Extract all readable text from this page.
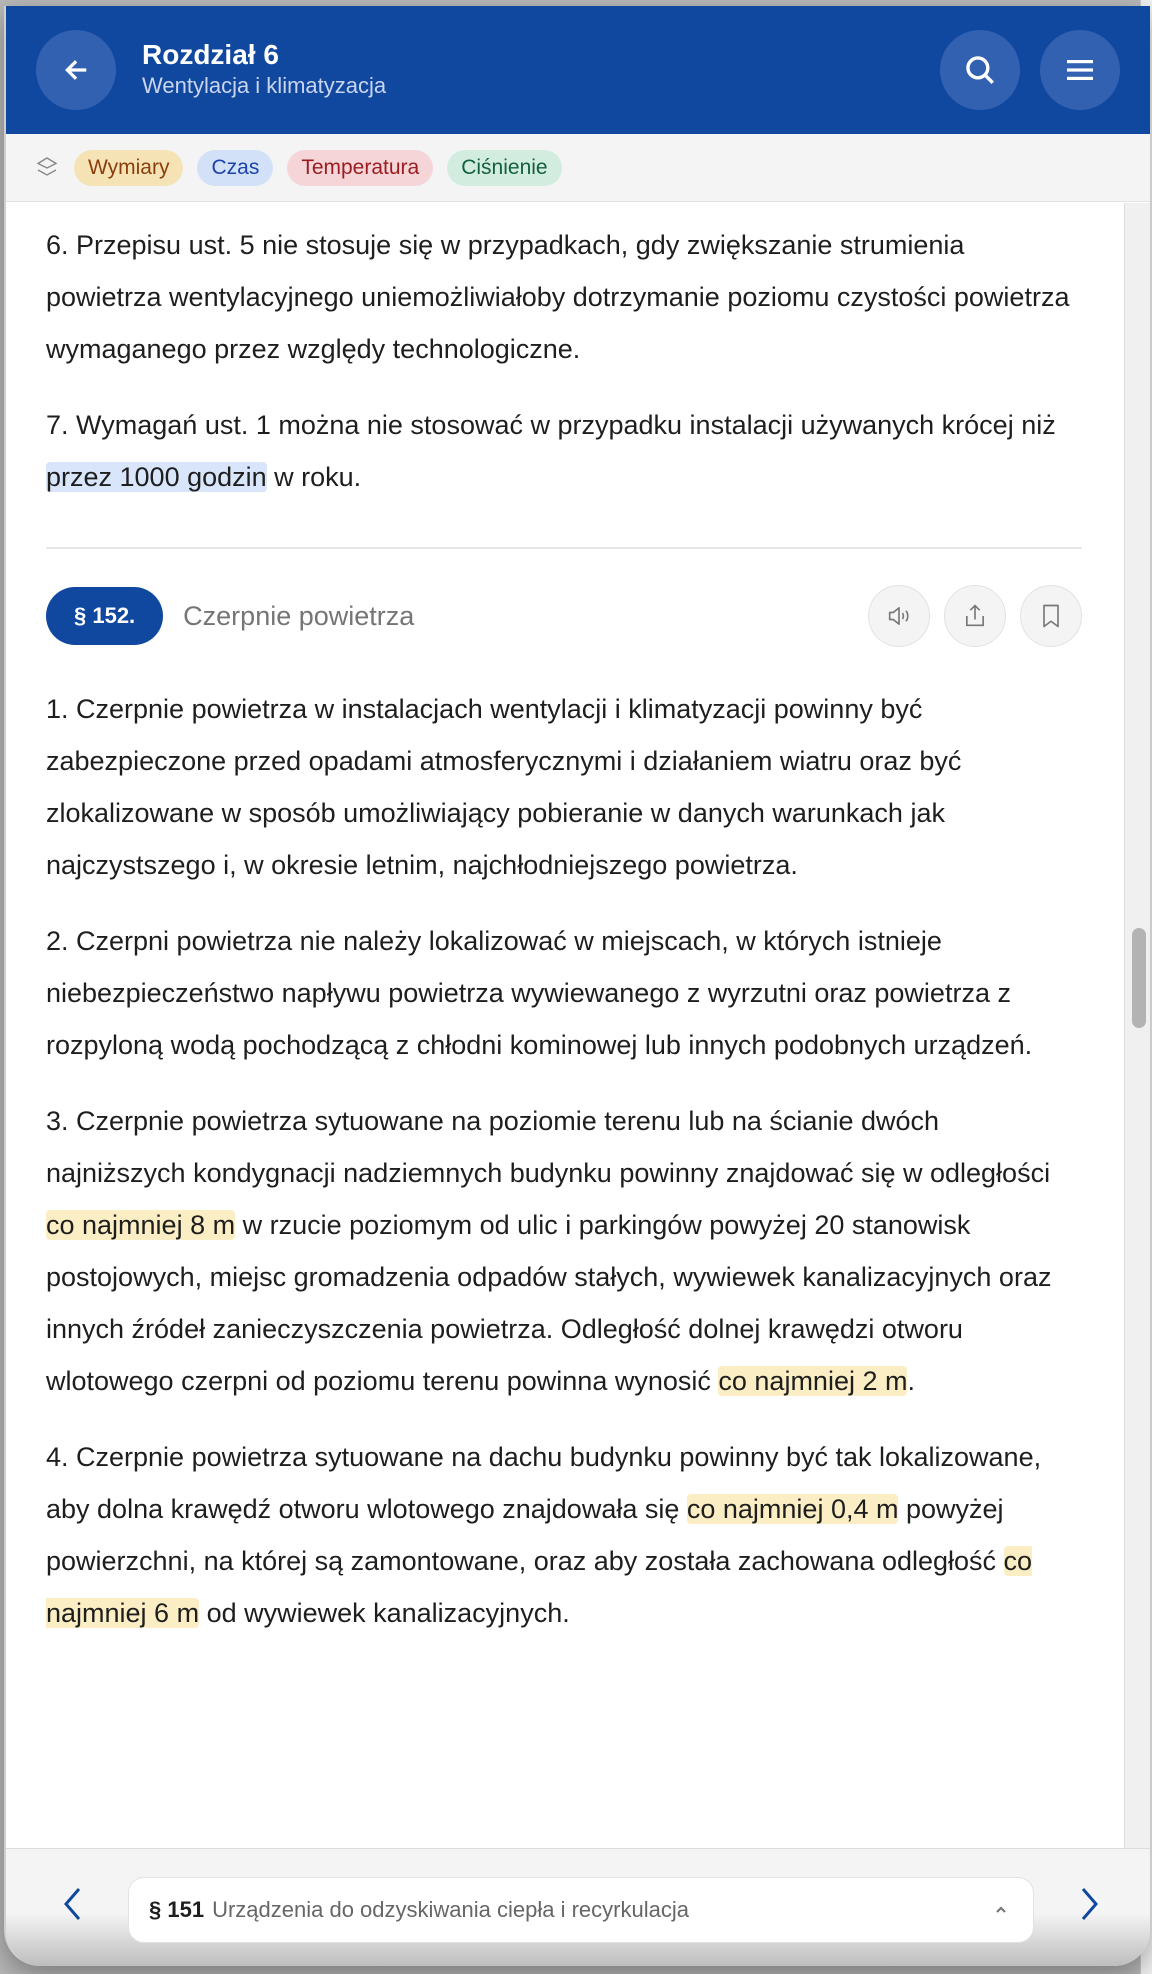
Rozdział 6
Wentylacja i klimatyzacja
Wymiary	Czas	Temperatura	Ciśnienie

6. Przepisu ust. 5 nie stosuje się w przypadkach, gdy zwiększanie strumienia powietrza wentylacyjnego uniemożliwiałoby dotrzymanie poziomu czystości powietrza wymaganego przez względy technologiczne.

7. Wymagań ust. 1 można nie stosować w przypadku instalacji używanych krócej niż przez 1000 godzin w roku.

§ 152.	Czerpnie powietrza

1. Czerpnie powietrza w instalacjach wentylacji i klimatyzacji powinny być zabezpieczone przed opadami atmosferycznymi i działaniem wiatru oraz być zlokalizowane w sposób umożliwiający pobieranie w danych warunkach jak najczystszego i, w okresie letnim, najchłodniejszego powietrza.

2. Czerpni powietrza nie należy lokalizować w miejscach, w których istnieje niebezpieczeństwo napływu powietrza wywiewanego z wyrzutni oraz powietrza z rozpyloną wodą pochodzącą z chłodni kominowej lub innych podobnych urządzeń.

3. Czerpnie powietrza sytuowane na poziomie terenu lub na ścianie dwóch najniższych kondygnacji nadziemnych budynku powinny znajdować się w odległości co najmniej 8 m w rzucie poziomym od ulic i parkingów powyżej 20 stanowisk postojowych, miejsc gromadzenia odpadów stałych, wywiewek kanalizacyjnych oraz innych źródeł zanieczyszczenia powietrza. Odległość dolnej krawędzi otworu wlotowego czerpni od poziomu terenu powinna wynosić co najmniej 2 m.

4. Czerpnie powietrza sytuowane na dachu budynku powinny być tak lokalizowane, aby dolna krawędź otworu wlotowego znajdowała się co najmniej 0,4 m powyżej powierzchni, na której są zamontowane, oraz aby została zachowana odległość co najmniej 6 m od wywiewek kanalizacyjnych.

§ 151 Urządzenia do odzyskiwania ciepła i recyrkulacja
